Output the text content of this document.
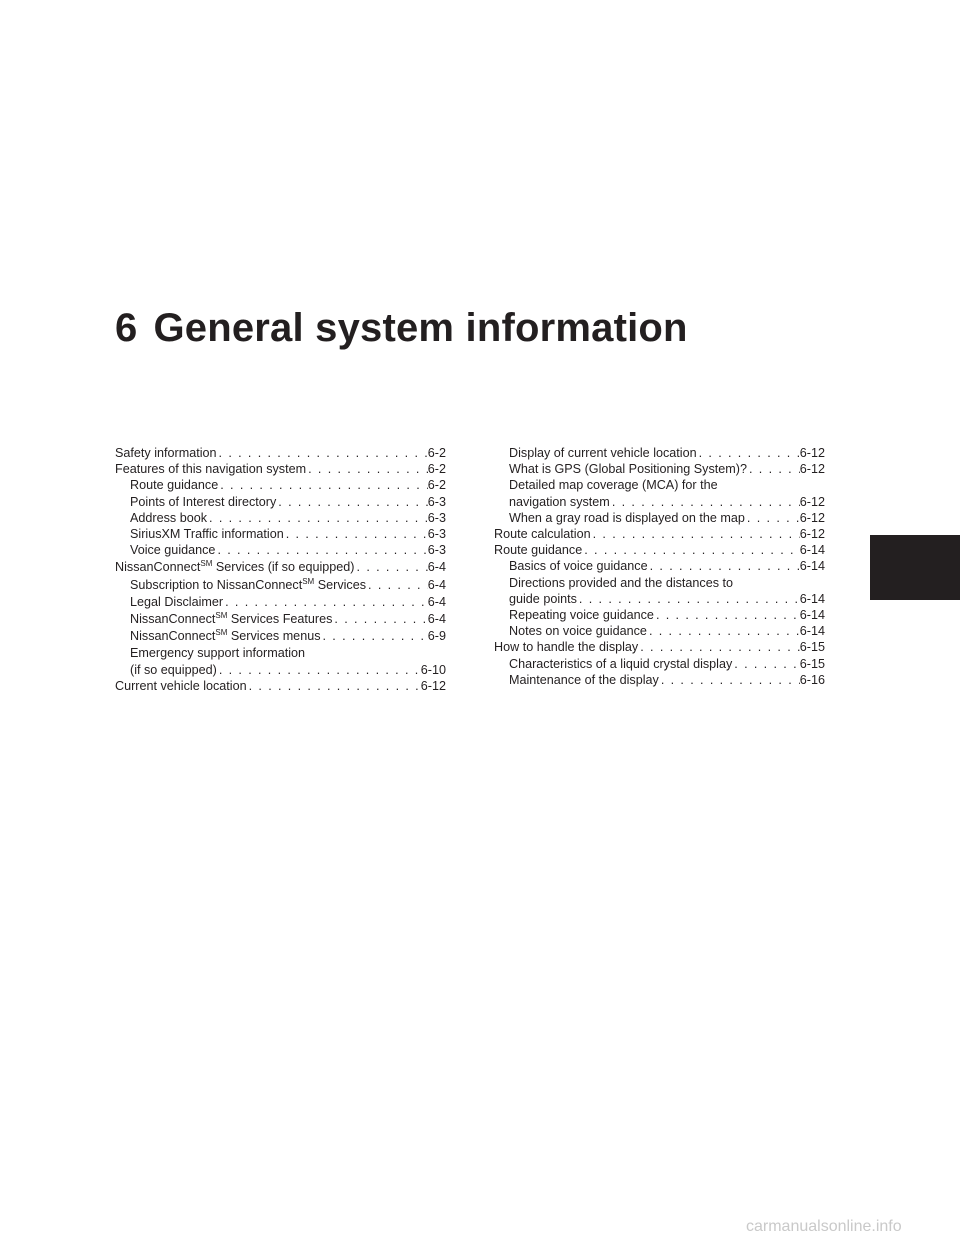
6 General system information
Safety information . . .	6-2
Features of this navigation system . . .	6-2
Route guidance . . .	6-2
Points of Interest directory . . .	6-3
Address book . . .	6-3
SiriusXM Traffic information . . .	6-3
Voice guidance . . .	6-3
NissanConnect℠ Services (if so equipped) . . .	6-4
Subscription to NissanConnect℠ Services . . .	6-4
Legal Disclaimer . . .	6-4
NissanConnect℠ Services Features . . .	6-4
NissanConnect℠ Services menus . . .	6-9
Emergency support information
(if so equipped) . . .	6-10
Current vehicle location . . .	6-12
Display of current vehicle location . . .	6-12
What is GPS (Global Positioning System)? . . .	6-12
Detailed map coverage (MCA) for the
navigation system . . .	6-12
When a gray road is displayed on the map . . .	6-12
Route calculation . . .	6-12
Route guidance . . .	6-14
Basics of voice guidance . . .	6-14
Directions provided and the distances to
guide points . . .	6-14
Repeating voice guidance . . .	6-14
Notes on voice guidance . . .	6-14
How to handle the display . . .	6-15
Characteristics of a liquid crystal display . . .	6-15
Maintenance of the display . . .	6-16
carmanualsonline.info
